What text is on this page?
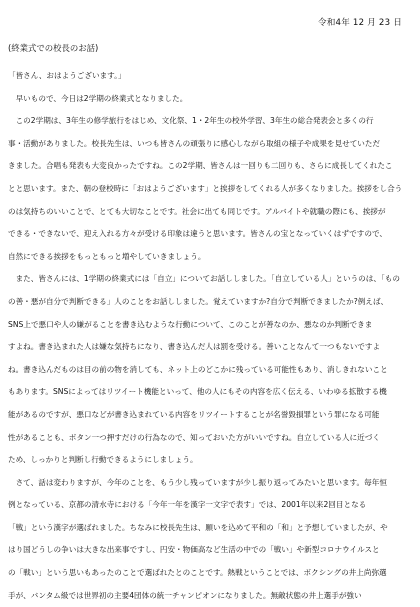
令和4年 12 月 23 日
(終業式での校長のお話)
「皆さん、おはようございます。」
　早いもので、今日は2学期の終業式となりました。
　この2学期は、3年生の修学旅行をはじめ、文化祭、1・2年生の校外学習、3年生の総合発表会と多くの行
事・活動がありました。校長先生は、いつも皆さんの頑張りに感心しながら取組の様子や成果を見せていただ
きました。合唱も発表も大変良かったですね。この2学期、皆さんは一回りも二回りも、さらに成長してくれたこ
とと思います。また、朝の登校時に「おはようございます」と挨拶をしてくれる人が多くなりました。挨拶をし合う
のは気持ちのいいことで、とても大切なことです。社会に出ても同じです。アルバイトや就職の際にも、挨拶が
できる・できないで、迎え入れる方々が受ける印象は違うと思います。皆さんの宝となっていくはずですので、
自然にできる挨拶をもっともっと増やしていきましょう。
　また、皆さんには、1学期の終業式には「自立」についてお話ししました。「自立している人」というのは、「もの
の善・悪が自分で判断できる」人のことをお話ししました。覚えていますか?自分で判断できましたか?例えば、
SNS上で悪口や人の嫌がることを書き込むような行動について、このことが善なのか、悪なのか判断できま
すよね。書き込まれた人は嫌な気持ちになり、書き込んだ人は罰を受ける。善いことなんて一つもないですよ
ね。書き込んだものは目の前の物を消しても、ネット上のどこかに残っている可能性もあり、消しきれないこと
もあります。SNSによってはリツイート機能といって、他の人にもその内容を広く伝える、いわゆる拡散する機
能があるのですが、悪口などが書き込まれている内容をリツイートすることが名誉毀損罪という罪になる可能
性があることも、ボタン一つ押すだけの行為なので、知っておいた方がいいですね。自立している人に近づく
ため、しっかりと判断し行動できるようにしましょう。
　さて、話は変わりますが、今年のことを、もう少し残っていますが少し振り返ってみたいと思います。毎年恒
例となっている、京都の清水寺における「今年一年を漢字一文字で表す」では、2001年以来2回目となる
「戦」という漢字が選ばれました。ちなみに校長先生は、願いを込めて平和の「和」と予想していましたが、や
はり国どうしの争いは大きな出来事ですし、円安・物価高など生活の中での「戦い」や新型コロナウイルスと
の「戦い」という思いもあったのことで選ばれたとのことです。熱戦ということでは、ボクシングの井上尚弥選
手が、バンタム級では世界初の主要4団体の統一チャンピオンになりました。無敵状態の井上選手が強い
